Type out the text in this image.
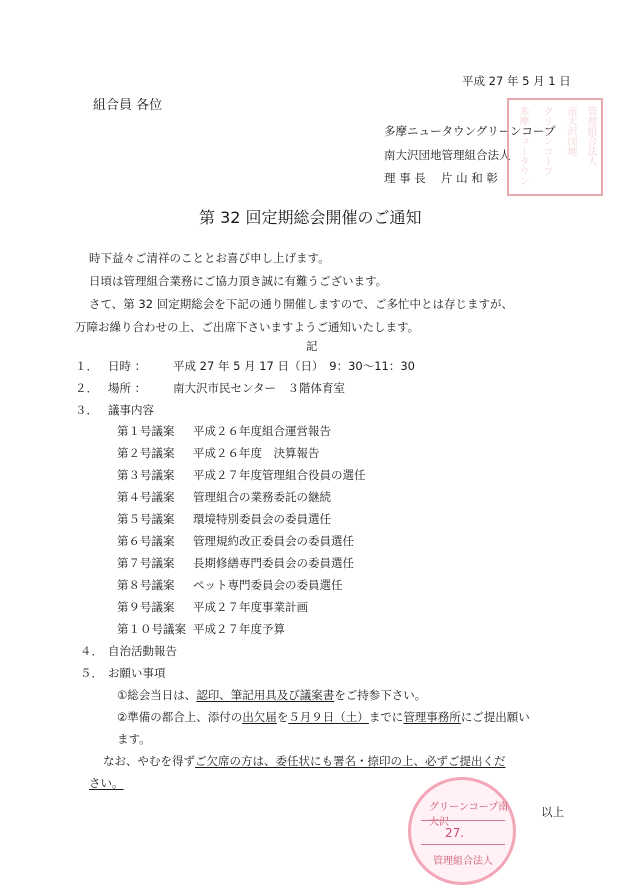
平成 27 年 5 月 1 日
組合員 各位
多摩ニュータウングリーンコープ
南大沢団地管理組合法人
理 事 長　 片 山 和 彰 多摩ニュータウン グリーンコープ 南大沢団地 管理組合法人
第 32 回定期総会開催のご通知
時下益々ご清祥のこととお喜び申し上げます。
日頃は管理組合業務にご協力頂き誠に有難うございます。
さて、第 32 回定期総会を下記の通り開催しますので、ご多忙中とは存じますが、
万障お繰り合わせの上、ご出席下さいますようご通知いたします。
記
１． 日時 ： 平成 27 年 5 月 17 日（日）　9：30〜11：30
２． 場所 ： 南大沢市民センター　３階体育室
３． 議事内容
第１号議案 平成２６年度組合運営報告
第２号議案 平成２６年度　決算報告
第３号議案 平成２７年度管理組合役員の選任
第４号議案 管理組合の業務委託の継続
第５号議案 環境特別委員会の委員選任
第６号議案 管理規約改正委員会の委員選任
第７号議案 長期修繕専門委員会の委員選任
第８号議案 ペット専門委員会の委員選任
第９号議案 平成２７年度事業計画
第１０号議案 平成２７年度予算
４． 自治活動報告
５． お願い事項
①総会当日は、認印、筆記用具及び議案書をご持参下さい。
②準備の都合上、添付の出欠届を５月９日（土）までに管理事務所にご提出願い
ます。
なお、やむを得ずご欠席の方は、委任状にも署名・捺印の上、必ずご提出くだ
さい。
グリーンコープ南大沢
27.
管理組合法人
以上
